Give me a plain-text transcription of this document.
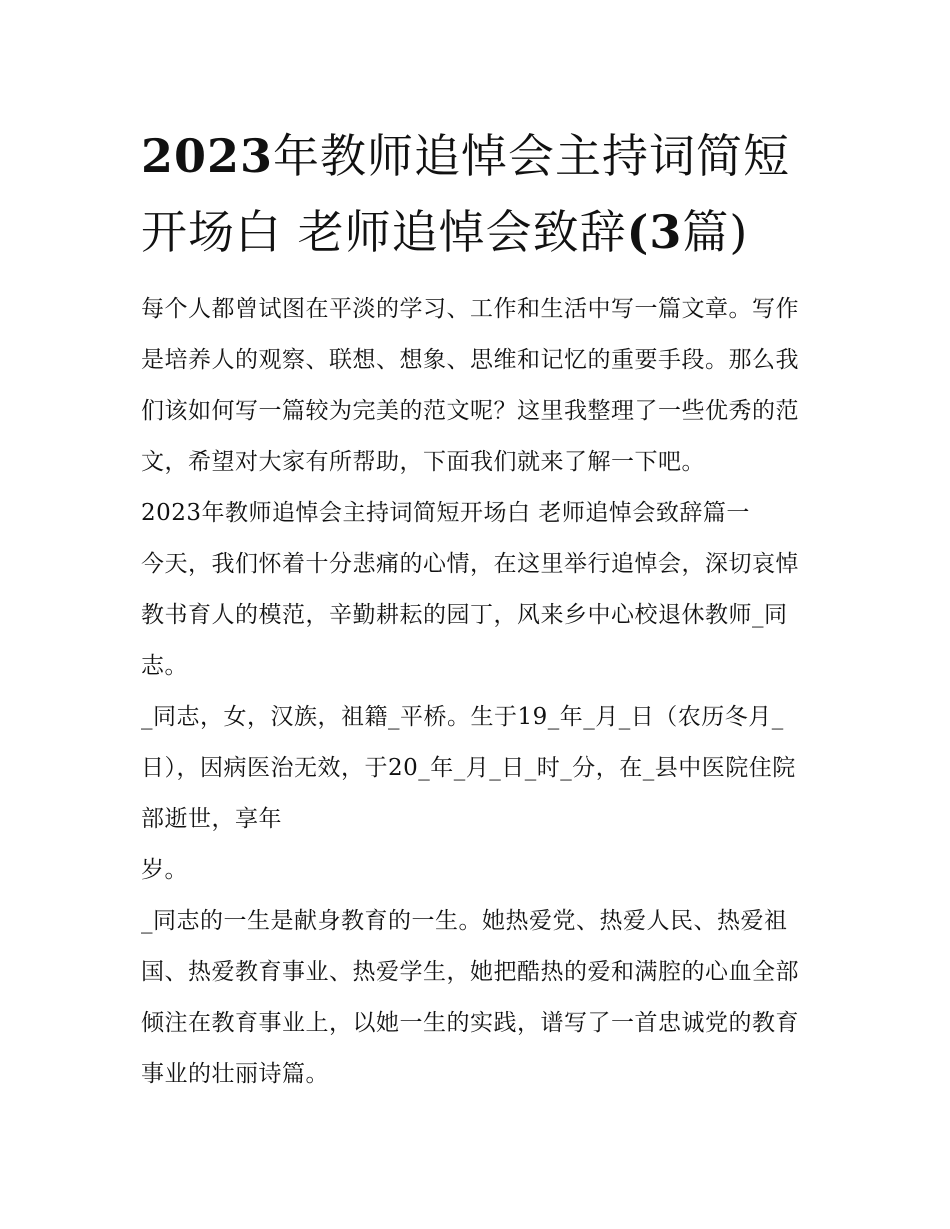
2023年教师追悼会主持词简短
开场白 老师追悼会致辞(3篇)

每个人都曾试图在平淡的学习、工作和生活中写一篇文章。写作是培养人的观察、联想、想象、思维和记忆的重要手段。那么我们该如何写一篇较为完美的范文呢？这里我整理了一些优秀的范文，希望对大家有所帮助，下面我们就来了解一下吧。

2023年教师追悼会主持词简短开场白 老师追悼会致辞篇一

今天，我们怀着十分悲痛的心情，在这里举行追悼会，深切哀悼教书育人的模范，辛勤耕耘的园丁，风来乡中心校退休教师_同志。

_同志，女，汉族，祖籍_平桥。生于19_年_月_日（农历冬月_日），因病医治无效，于20_年_月_日_时_分，在_县中医院住院部逝世，享年

岁。

_同志的一生是献身教育的一生。她热爱党、热爱人民、热爱祖国、热爱教育事业、热爱学生，她把酷热的爱和满腔的心血全部倾注在教育事业上，以她一生的实践，谱写了一首忠诚党的教育事业的壮丽诗篇。
